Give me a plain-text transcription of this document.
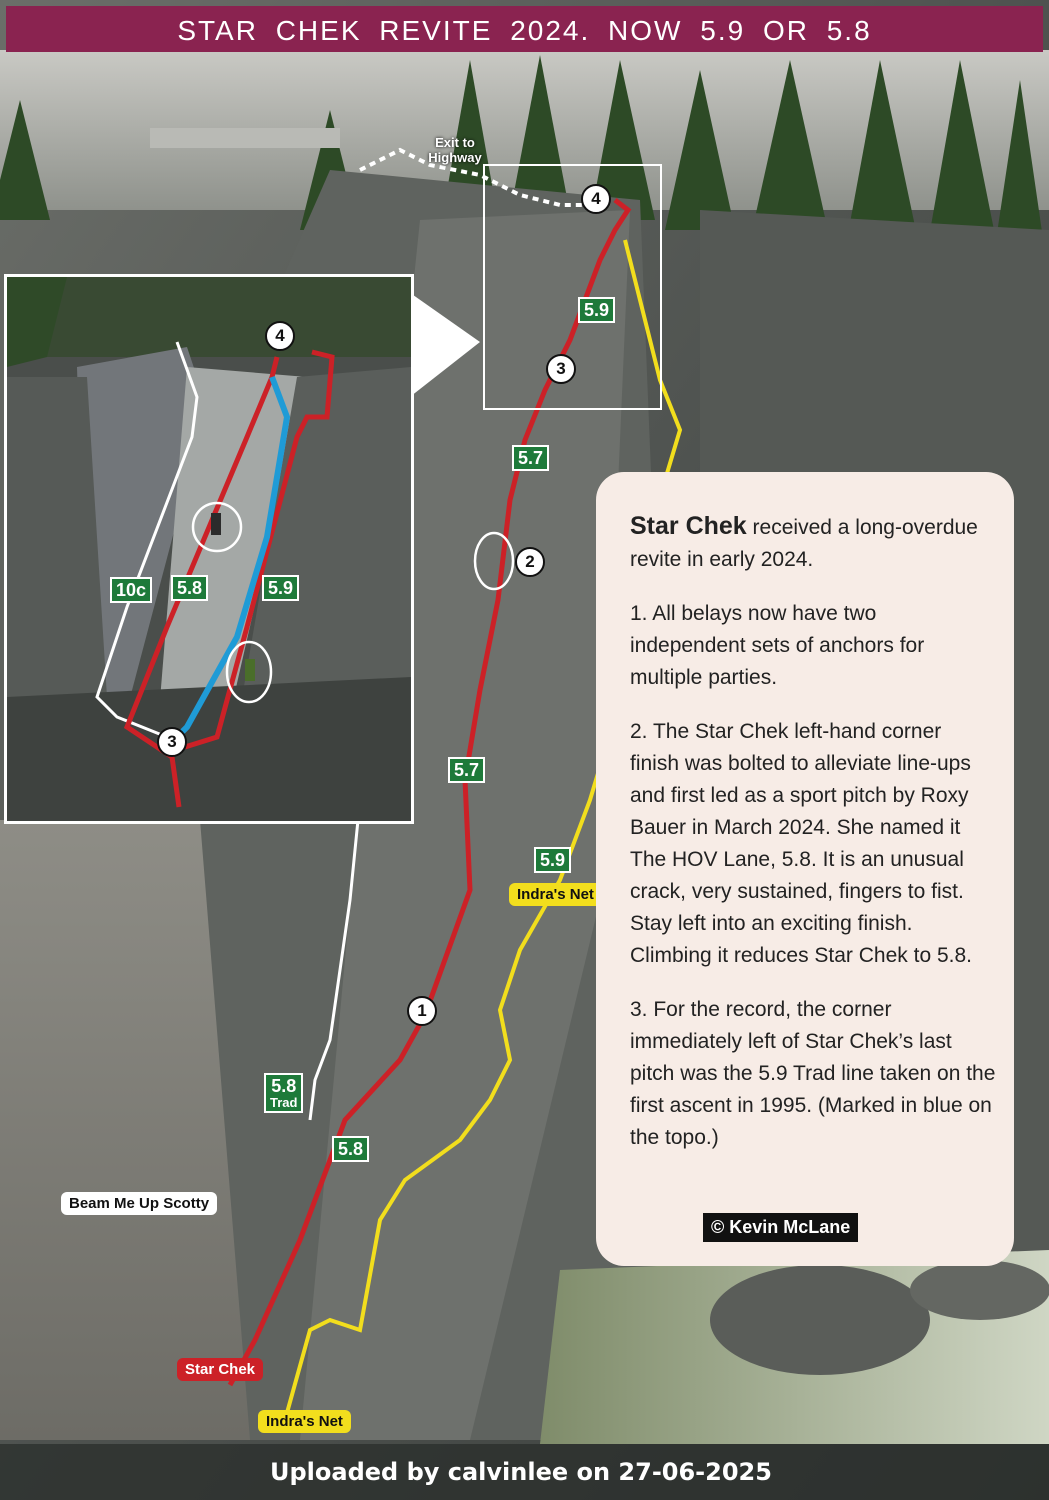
STAR CHEK REVITE 2024. NOW 5.9 OR 5.8
Exit to Highway
4
3
10c	5.8	5.9
4
3
2
1
5.9
5.7
5.7
5.9
5.8
Trad
5.8
Indra's Net
Beam Me Up Scotty
Star Chek
Indra's Net

Star Chek received a long-overdue revite in early 2024.

1. All belays now have two independent sets of anchors for multiple parties.

2. The Star Chek left-hand corner finish was bolted to alleviate line-ups and first led as a sport pitch by Roxy Bauer in March 2024. She named it The HOV Lane, 5.8. It is an unusual crack, very sustained, fingers to fist. Stay left into an exciting finish. Climbing it reduces Star Chek to 5.8.

3. For the record, the corner immediately left of Star Chek’s last pitch was the 5.9 Trad line taken on the first ascent in 1995. (Marked in blue on the topo.)

© Kevin McLane
Uploaded by calvinlee on 27-06-2025
